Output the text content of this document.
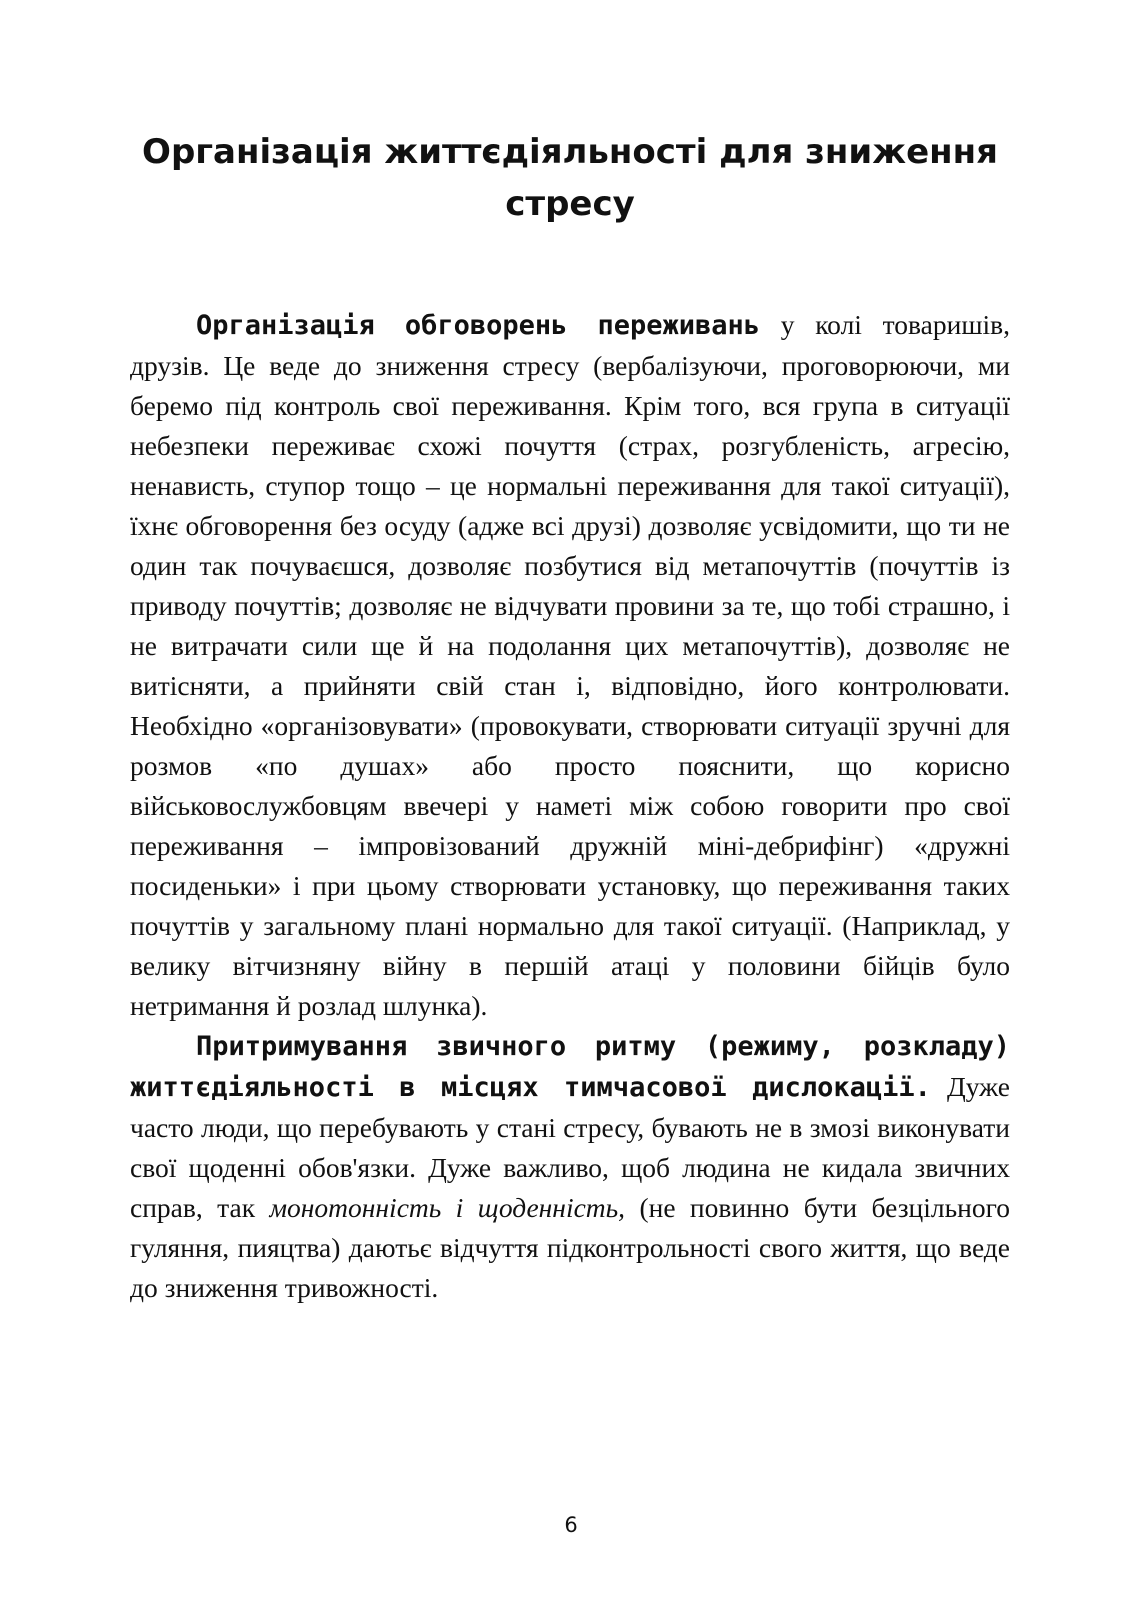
Організація життєдіяльності для зниження стресу

Організація обговорень переживань у колі товаришів, друзів. Це веде до зниження стресу (вербалізуючи, проговорюючи, ми беремо під контроль свої переживання. Крім того, вся група в ситуації небезпеки переживає схожі почуття (страх, розгубленість, агресію, ненависть, ступор тощо – це нормальні переживання для такої ситуації), їхнє обговорення без осуду (адже всі друзі) дозволяє усвідомити, що ти не один так почуваєшся, дозволяє позбутися від метапочуттів (почуттів із приводу почуттів; дозволяє не відчувати провини за те, що тобі страшно, і не витрачати сили ще й на подолання цих метапочуттів), дозволяє не витісняти, а прийняти свій стан і, відповідно, його контролювати. Необхідно «організовувати» (провокувати, створювати ситуації зручні для розмов «по душах» або просто пояснити, що корисно військовослужбовцям ввечері у наметі між собою говорити про свої переживання – імпровізований дружній міні-дебрифінг) «дружні посиденьки» і при цьому створювати установку, що переживання таких почуттів у загальному плані нормально для такої ситуації. (Наприклад, у велику вітчизняну війну в першій атаці у половини бійців було нетримання й розлад шлунка).

Притримування звичного ритму (режиму, розкладу) життєдіяльності в місцях тимчасової дислокації. Дуже часто люди, що перебувають у стані стресу, бувають не в змозі виконувати свої щоденні обов'язки. Дуже важливо, щоб людина не кидала звичних справ, так монотонність і щоденність, (не повинно бути безцільного гуляння, пияцтва) даютьє відчуття підконтрольності свого життя, що веде до зниження тривожності.

6
